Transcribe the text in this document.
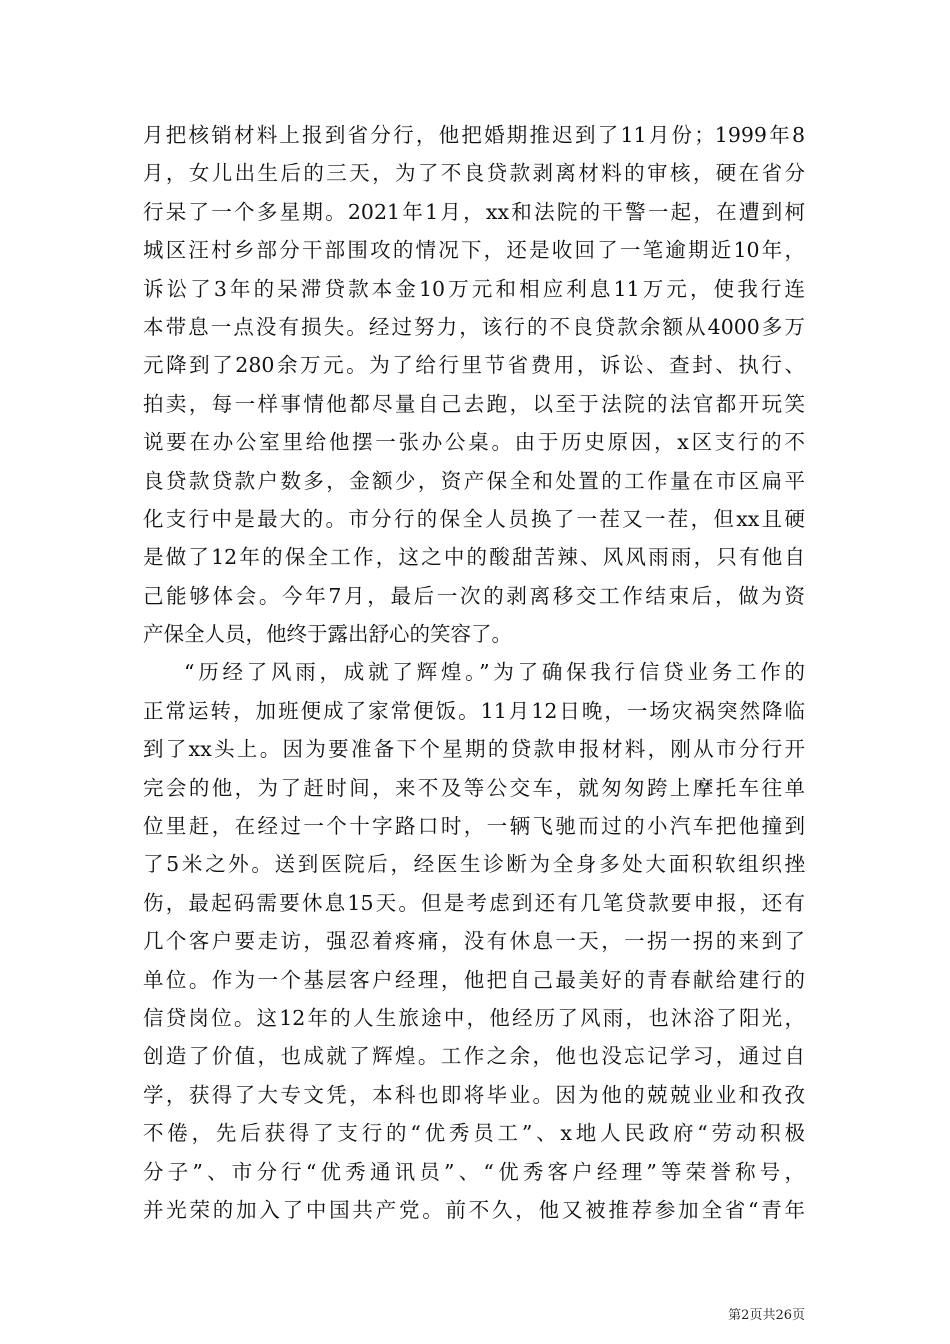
月把核销材料上报到省分行，他把婚期推迟到了11月份；1999年8
月，女儿出生后的三天，为了不良贷款剥离材料的审核，硬在省分
行呆了一个多星期。2021年1月，xx和法院的干警一起，在遭到柯
城区汪村乡部分干部围攻的情况下，还是收回了一笔逾期近10年，
诉讼了3年的呆滞贷款本金10万元和相应利息11万元，使我行连
本带息一点没有损失。经过努力，该行的不良贷款余额从4000多万
元降到了280余万元。为了给行里节省费用，诉讼、查封、执行、
拍卖，每一样事情他都尽量自己去跑，以至于法院的法官都开玩笑
说要在办公室里给他摆一张办公桌。由于历史原因，x区支行的不
良贷款贷款户数多，金额少，资产保全和处置的工作量在市区扁平
化支行中是最大的。市分行的保全人员换了一茬又一茬，但xx且硬
是做了12年的保全工作，这之中的酸甜苦辣、风风雨雨，只有他自
己能够体会。今年7月，最后一次的剥离移交工作结束后，做为资
产保全人员，他终于露出舒心的笑容了。
“历经了风雨，成就了辉煌。”为了确保我行信贷业务工作的
正常运转，加班便成了家常便饭。11月12日晚，一场灾祸突然降临
到了xx头上。因为要准备下个星期的贷款申报材料，刚从市分行开
完会的他，为了赶时间，来不及等公交车，就匆匆跨上摩托车往单
位里赶，在经过一个十字路口时，一辆飞驰而过的小汽车把他撞到
了5米之外。送到医院后，经医生诊断为全身多处大面积软组织挫
伤，最起码需要休息15天。但是考虑到还有几笔贷款要申报，还有
几个客户要走访，强忍着疼痛，没有休息一天，一拐一拐的来到了
单位。作为一个基层客户经理，他把自己最美好的青春献给建行的
信贷岗位。这12年的人生旅途中，他经历了风雨，也沐浴了阳光，
创造了价值，也成就了辉煌。工作之余，他也没忘记学习，通过自
学，获得了大专文凭，本科也即将毕业。因为他的兢兢业业和孜孜
不倦，先后获得了支行的“优秀员工”、x地人民政府“劳动积极
分子”、市分行“优秀通讯员”、“优秀客户经理”等荣誉称号，
并光荣的加入了中国共产党。前不久，他又被推荐参加全省“青年
第2页共26页
